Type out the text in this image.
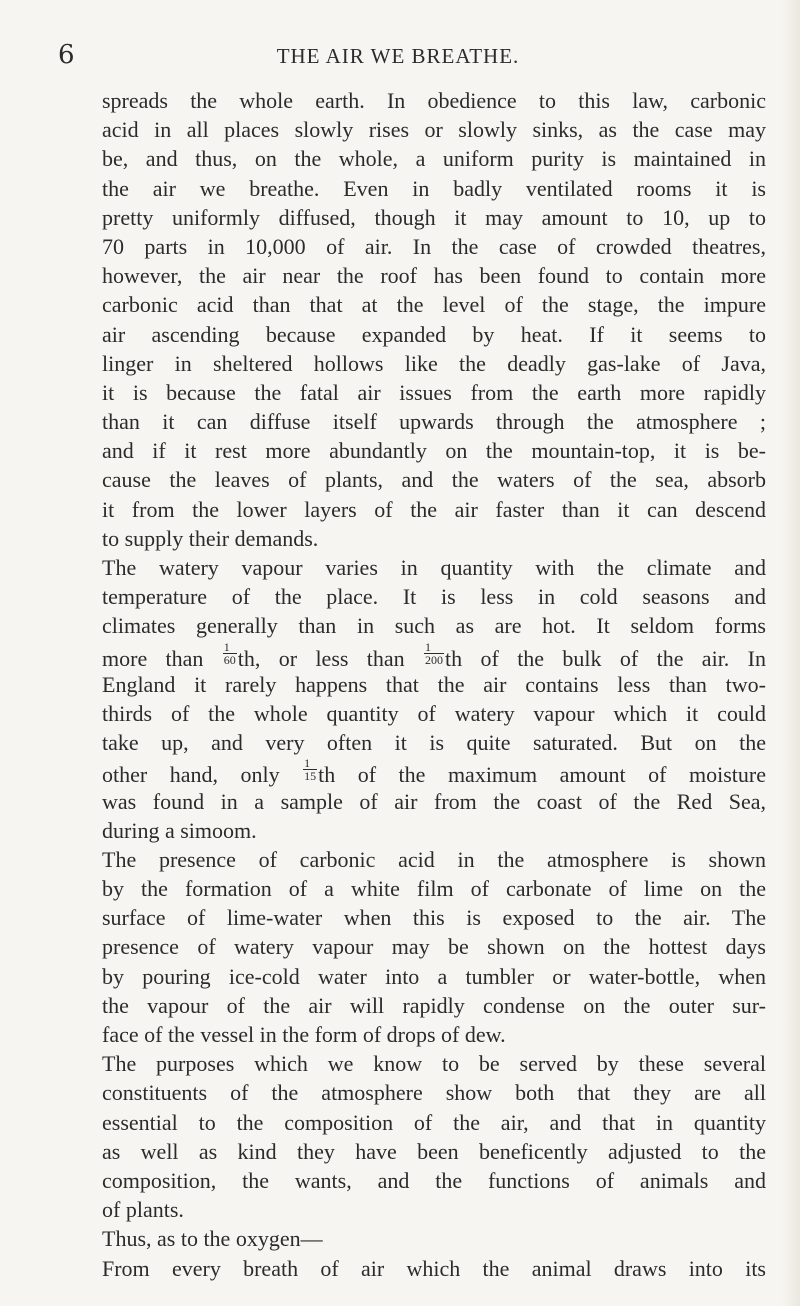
6	THE AIR WE BREATHE.
spreads the whole earth. In obedience to this law, carbonic
acid in all places slowly rises or slowly sinks, as the case may
be, and thus, on the whole, a uniform purity is maintained in
the air we breathe. Even in badly ventilated rooms it is
pretty uniformly diffused, though it may amount to 10, up to
70 parts in 10,000 of air. In the case of crowded theatres,
however, the air near the roof has been found to contain more
carbonic acid than that at the level of the stage, the impure
air ascending because expanded by heat. If it seems to
linger in sheltered hollows like the deadly gas-lake of Java,
it is because the fatal air issues from the earth more rapidly
than it can diffuse itself upwards through the atmosphere ;
and if it rest more abundantly on the mountain-top, it is be-
cause the leaves of plants, and the waters of the sea, absorb
it from the lower layers of the air faster than it can descend
to supply their demands.
The watery vapour varies in quantity with the climate and
temperature of the place. It is less in cold seasons and
climates generally than in such as are hot. It seldom forms
more than $\frac{1}{60}$ th, or less than $\frac{1}{200}$ th of the bulk of the air. In
England it rarely happens that the air contains less than two-
thirds of the whole quantity of watery vapour which it could
take up, and very often it is quite saturated. But on the
other hand, only $\frac{1}{15}$ th of the maximum amount of moisture
was found in a sample of air from the coast of the Red Sea,
during a simoom.
The presence of carbonic acid in the atmosphere is shown
by the formation of a white film of carbonate of lime on the
surface of lime-water when this is exposed to the air. The
presence of watery vapour may be shown on the hottest days
by pouring ice-cold water into a tumbler or water-bottle, when
the vapour of the air will rapidly condense on the outer sur-
face of the vessel in the form of drops of dew.
The purposes which we know to be served by these several
constituents of the atmosphere show both that they are all
essential to the composition of the air, and that in quantity
as well as kind they have been beneficently adjusted to the
composition, the wants, and the functions of animals and
of plants.
Thus, as to the oxygen—
From every breath of air which the animal draws into its
